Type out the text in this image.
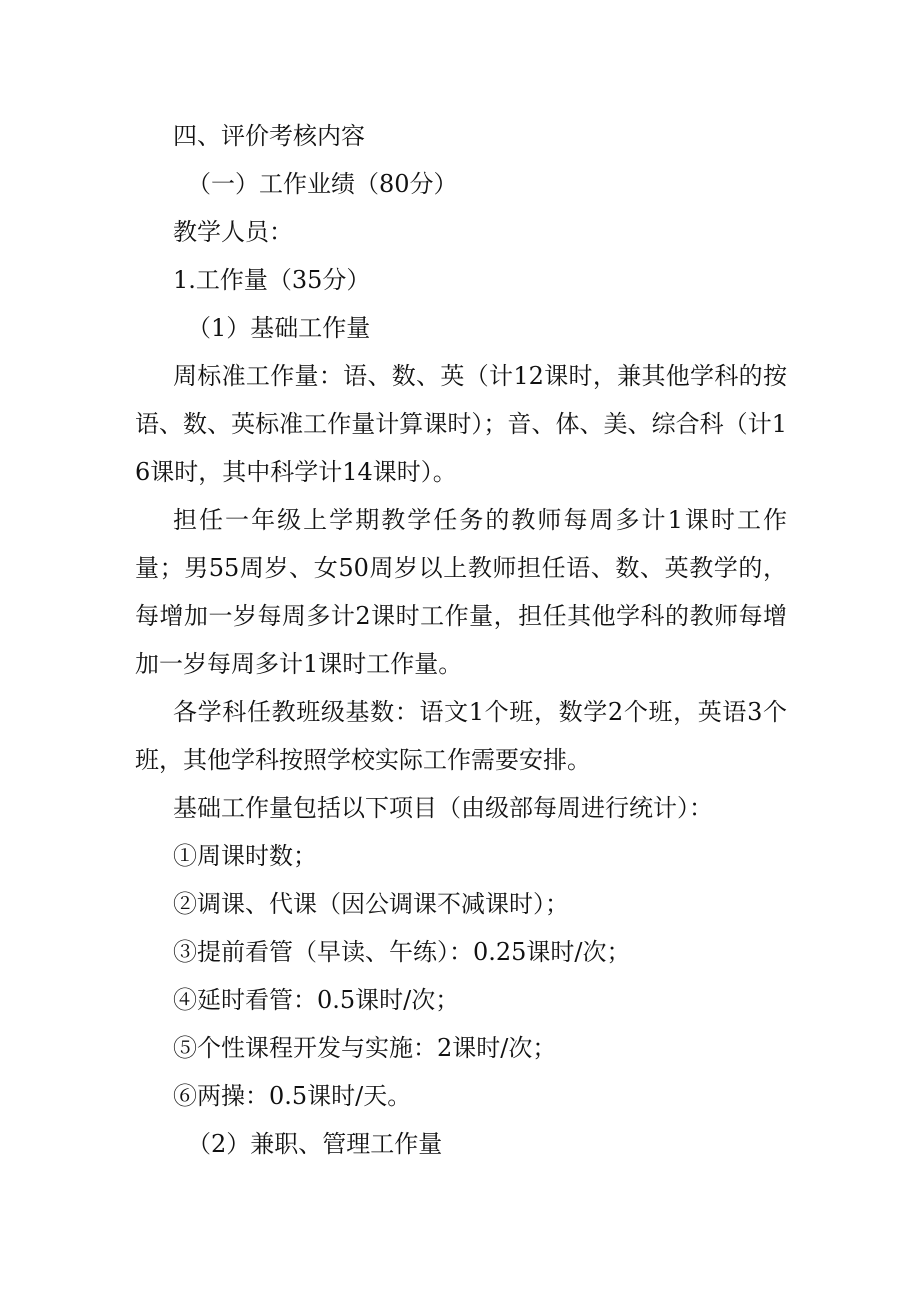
四、评价考核内容

（一）工作业绩（80分）

教学人员：

1.工作量（35分）

（1）基础工作量

周标准工作量：语、数、英（计12课时，兼其他学科的按语、数、英标准工作量计算课时）；音、体、美、综合科（计16课时，其中科学计14课时）。

担任一年级上学期教学任务的教师每周多计1课时工作量；男55周岁、女50周岁以上教师担任语、数、英教学的，每增加一岁每周多计2课时工作量，担任其他学科的教师每增加一岁每周多计1课时工作量。

各学科任教班级基数：语文1个班，数学2个班，英语3个班，其他学科按照学校实际工作需要安排。

基础工作量包括以下项目（由级部每周进行统计）：

①周课时数；

②调课、代课（因公调课不减课时）；

③提前看管（早读、午练）：0.25课时/次；

④延时看管：0.5课时/次；

⑤个性课程开发与实施：2课时/次；

⑥两操：0.5课时/天。

（2）兼职、管理工作量
